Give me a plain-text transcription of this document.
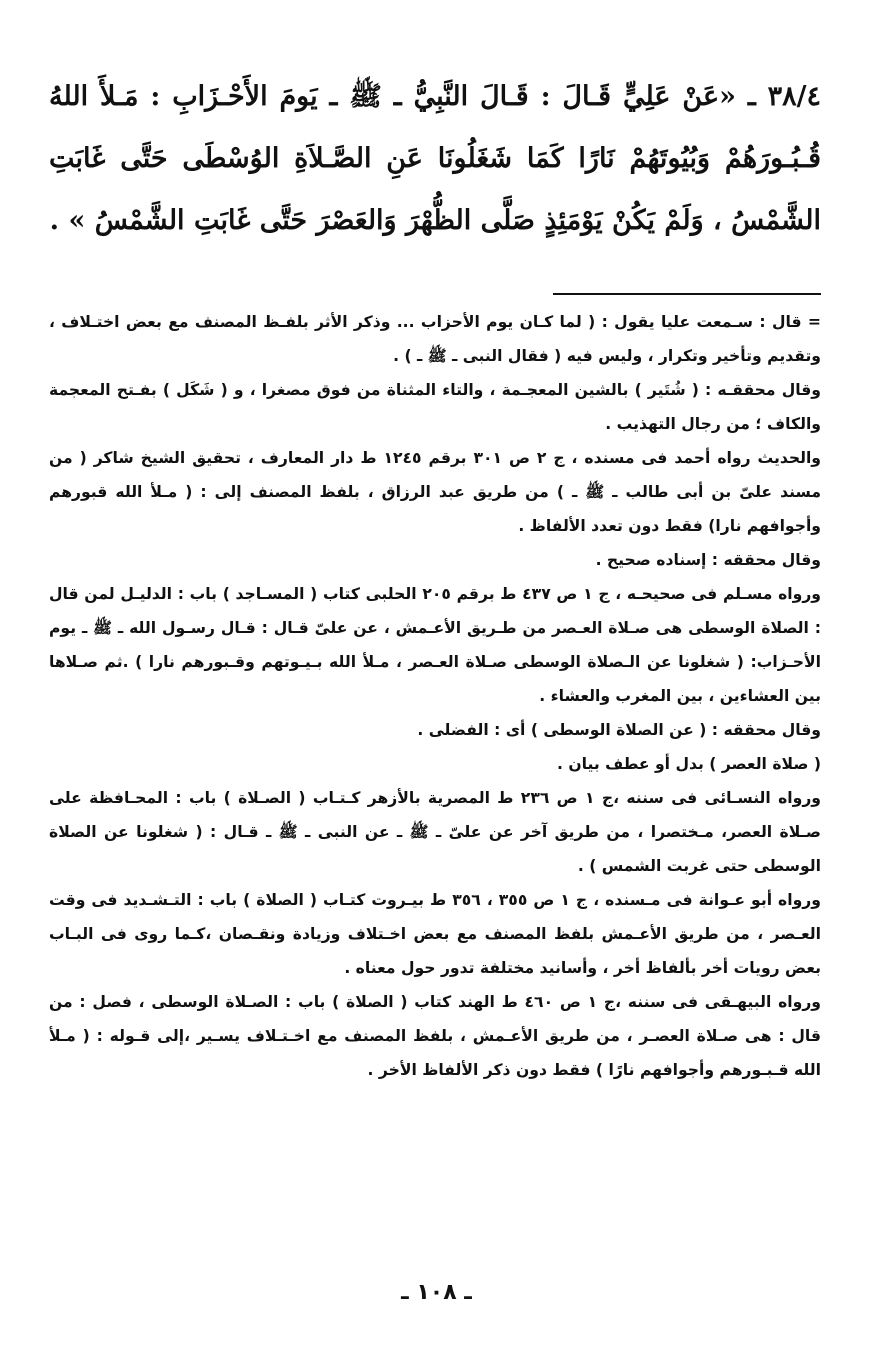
٣٨/٤ ـ «عَنْ عَلِيٍّ قَـالَ : قَـالَ النَّبِيُّ ـ ﷺ ـ يَومَ الأَحْـزَابِ : مَـلأَ اللهُ قُـبُـورَهُمْ وَبُيُوتَهُمْ نَارًا كَمَا شَغَلُونَا عَنِ الصَّـلاَةِ الوُسْطَى حَتَّى غَابَتِ الشَّمْسُ ، وَلَمْ يَكُنْ يَوْمَئِذٍ صَلَّى الظُّهْرَ وَالعَصْرَ حَتَّى غَابَتِ الشَّمْسُ » .

= قال : سـمعت عليا يقول : ( لما كـان يوم الأحزاب ... وذكر الأثر بلفـظ المصنف مع بعض اختـلاف ، وتقديم وتأخير وتكرار ، وليس فيه ( فقال النبى ـ ﷺ ـ ) .

وقال محققـه : ( شُتَير ) بالشين المعجـمة ، والتاء المثناة من فوق مصغرا ، و ( شَكَل ) بفـتح المعجمة والكاف ؛ من رجال التهذيب .

والحديث رواه أحمد فى مسنده ، ج ٢ ص ٣٠١ برقم ١٢٤٥ ط دار المعارف ، تحقيق الشيخ شاكر ( من مسند علىّ بن أبى طالب ـ ﷺ ـ ) من طريق عبد الرزاق ، بلفظ المصنف إلى : ( مـلأ الله قبورهم وأجوافهم نارا) فقط دون تعدد الألفاظ .

وقال محققه : إسناده صحيح .

ورواه مسـلم فى صحيحـه ، ج ١ ص ٤٣٧ ط برقم ٢٠٥ الحلبى كتاب ( المسـاجد ) باب : الدليـل لمن قال : الصلاة الوسطى هى صـلاة العـصر من طـريق الأعـمش ، عن علىّ قـال : قـال رسـول الله ـ ﷺ ـ يوم الأحـزاب: ( شغلونا عن الـصلاة الوسطى صـلاة العـصر ، مـلأ الله بـيـوتهم وقـبورهم نارا ) .ثم صـلاها بين العشاءين ، بين المغرب والعشاء .

وقال محققه : ( عن الصلاة الوسطى ) أى : الفضلى .

( صلاة العصر ) بدل أو عطف بيان .

ورواه النسـائى فى سننه ،ج ١ ص ٢٣٦ ط المصرية بالأزهر كـتـاب ( الصـلاة ) باب : المحـافظة على صـلاة العصر، مـختصرا ، من طريق آخر عن علىّ ـ ﷺ ـ عن النبى ـ ﷺ ـ قـال : ( شغلونا عن الصلاة الوسطى حتى غربت الشمس ) .

ورواه أبو عـوانة فى مـسنده ، ج ١ ص ٣٥٥ ، ٣٥٦ ط بيـروت كتـاب ( الصلاة ) باب : التـشـديد فى وقت العـصر ، من طريق الأعـمش بلفظ المصنف مع بعض اخـتلاف وزيادة ونقـصان ،كـما روى فى البـاب بعض رويات أخر بألفاظ أخر ، وأسانيد مختلفة تدور حول معناه .

ورواه البيهـقى فى سننه ،ج ١ ص ٤٦٠ ط الهند كتاب ( الصلاة ) باب : الصـلاة الوسطى ، فصل : من قال : هى صـلاة العصـر ، من طريق الأعـمش ، بلفظ المصنف مع اخـتـلاف يسـير ،إلى قـوله : ( مـلأ الله قـبـورهم وأجوافهم نارًا ) فقط دون ذكر الألفاظ الأخر .

ـ ١٠٨ ـ
